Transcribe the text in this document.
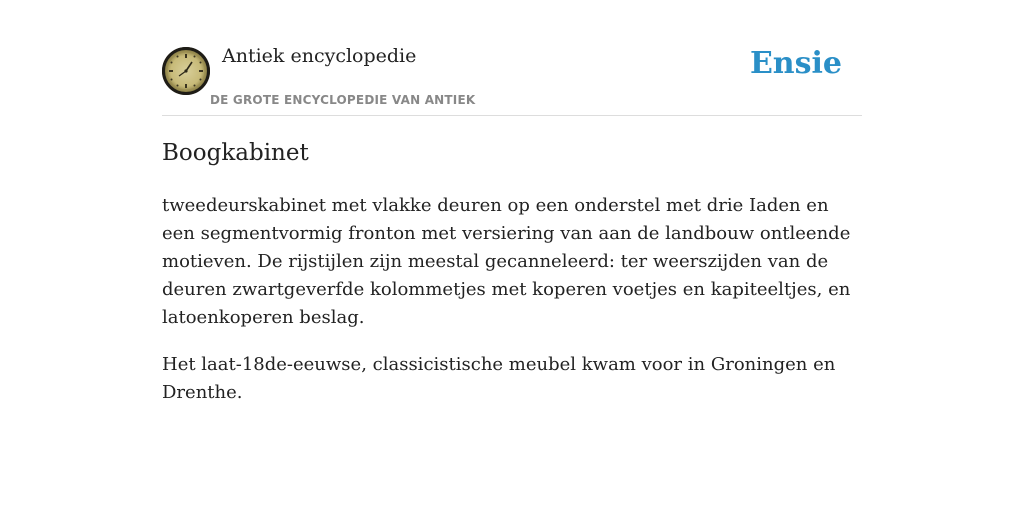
Antiek encyclopedie
DE GROTE ENCYCLOPEDIE VAN ANTIEK
Ensie
Boogkabinet

tweedeurskabinet met vlakke deuren op een onderstel met drie Iaden en een segmentvormig fronton met versiering van aan de landbouw ontleende motieven. De rijstijlen zijn meestal gecanneleerd: ter weerszijden van de deuren zwartgeverfde kolommetjes met koperen voetjes en kapiteeltjes, en latoenkoperen beslag.

Het laat-18de-eeuwse, classicistische meubel kwam voor in Groningen en Drenthe.
